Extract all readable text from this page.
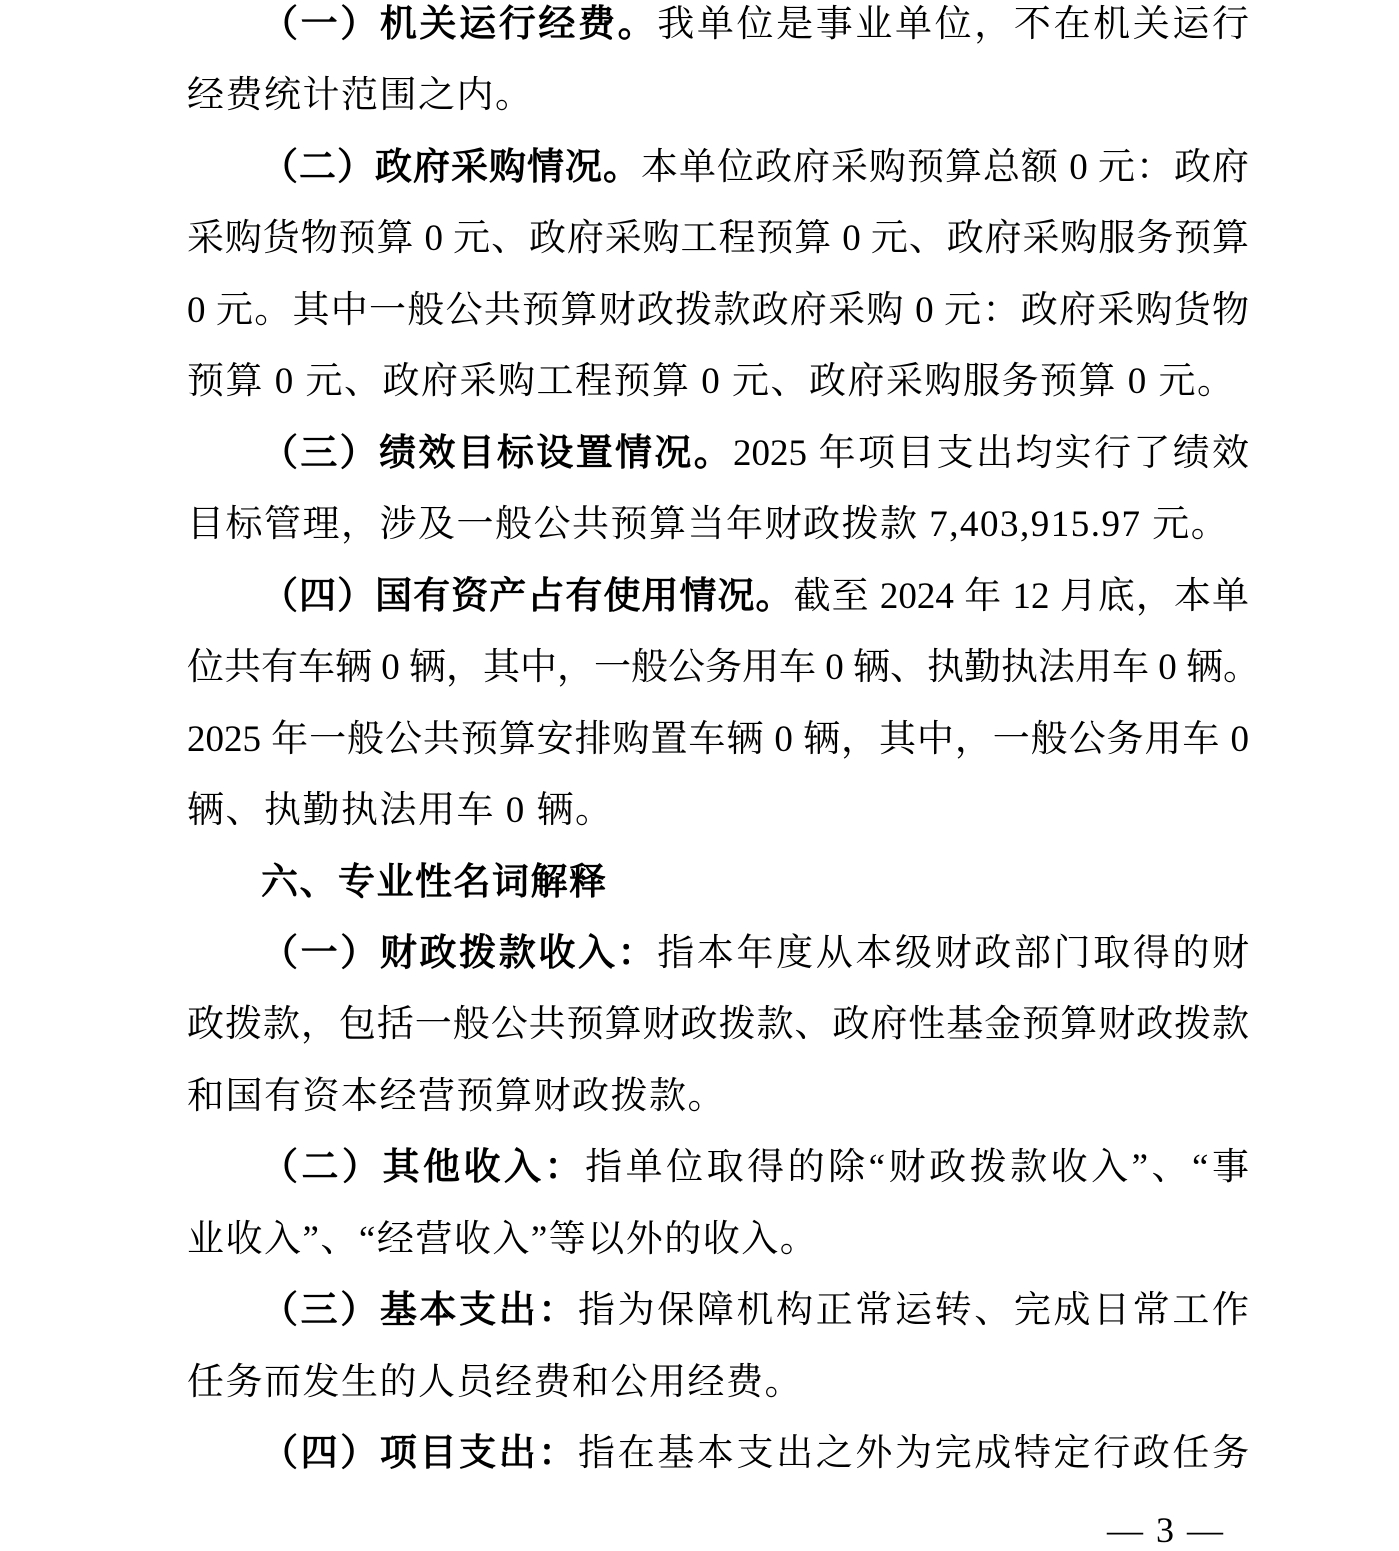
（一）机关运行经费。我单位是事业单位，不在机关运行
经费统计范围之内。
（二）政府采购情况。本单位政府采购预算总额 0 元：政府
采购货物预算 0 元、政府采购工程预算 0 元、政府采购服务预算
0 元。其中一般公共预算财政拨款政府采购 0 元：政府采购货物
预算 0 元、政府采购工程预算 0 元、政府采购服务预算 0 元。
（三）绩效目标设置情况。2025 年项目支出均实行了绩效
目标管理，涉及一般公共预算当年财政拨款 7,403,915.97 元。
（四）国有资产占有使用情况。截至 2024 年 12 月底，本单
位共有车辆 0 辆，其中，一般公务用车 0 辆、执勤执法用车 0 辆。
2025 年一般公共预算安排购置车辆 0 辆，其中，一般公务用车 0
辆、执勤执法用车 0 辆。
六、专业性名词解释
（一）财政拨款收入：指本年度从本级财政部门取得的财
政拨款，包括一般公共预算财政拨款、政府性基金预算财政拨款
和国有资本经营预算财政拨款。
（二）其他收入：指单位取得的除“财政拨款收入”、“事
业收入”、“经营收入”等以外的收入。
（三）基本支出：指为保障机构正常运转、完成日常工作
任务而发生的人员经费和公用经费。
（四）项目支出：指在基本支出之外为完成特定行政任务
— 3 —
